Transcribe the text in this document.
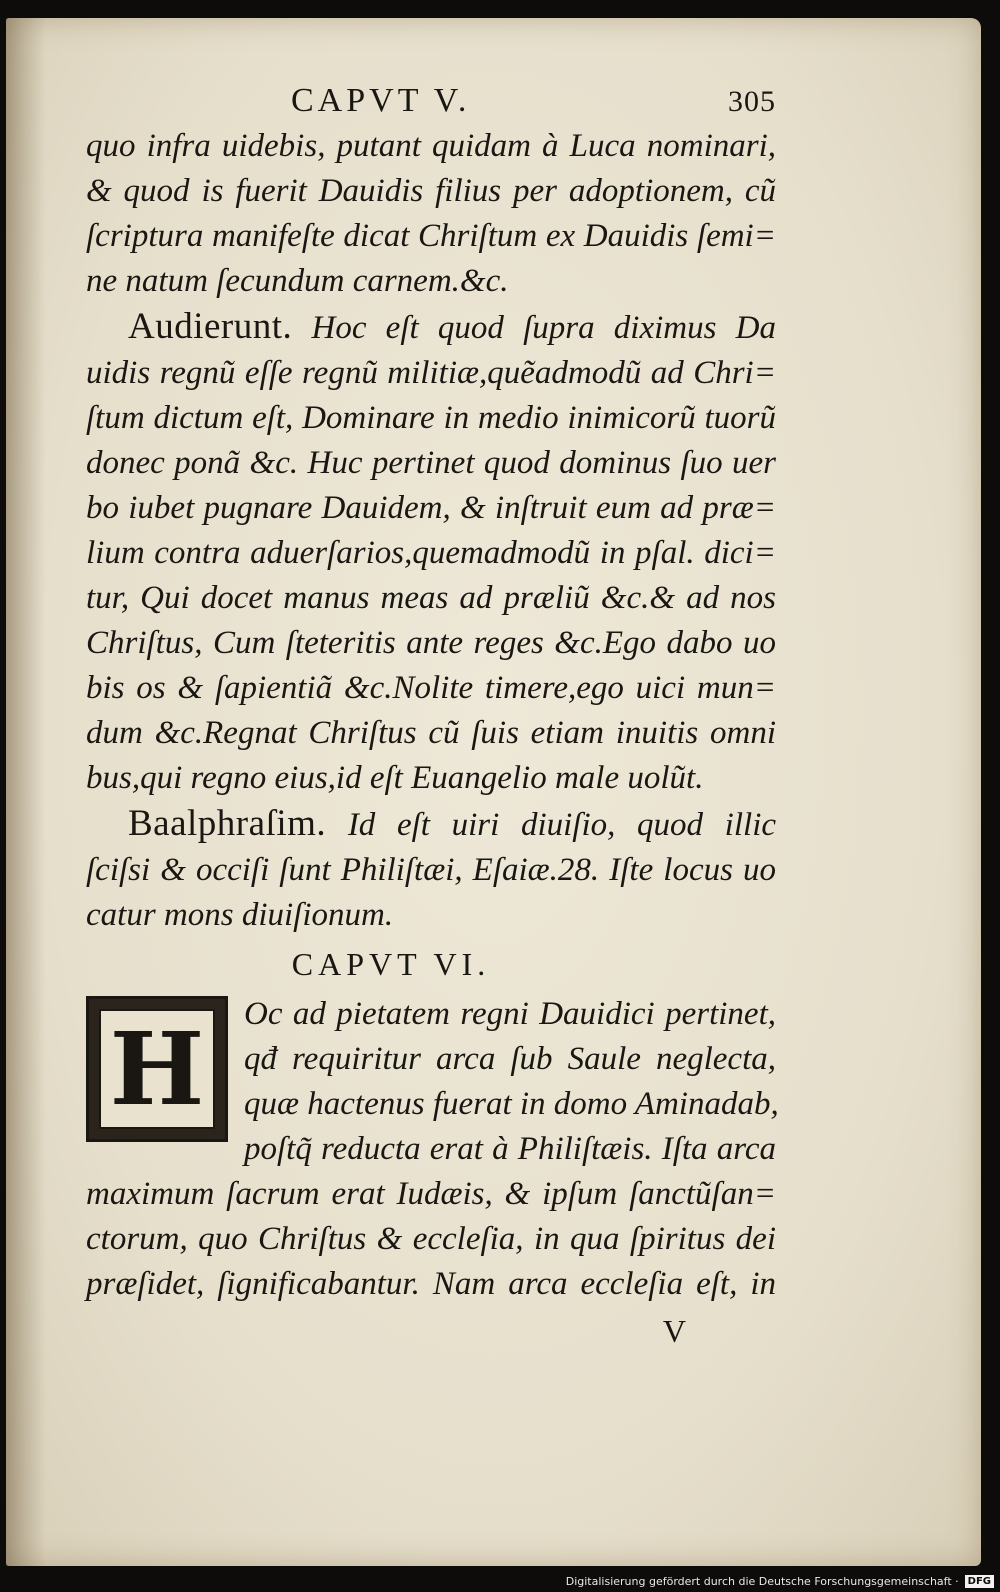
CAPVT V.	305
quo infra uidebis, putant quidam à Luca nominari,
& quod is fuerit Dauidis filius per adoptionem, cũ
ſcriptura manifeſte dicat Chriſtum ex Dauidis ſemi=
ne natum ſecundum carnem.&c.
Audierunt. Hoc eſt quod ſupra diximus Da
uidis regnũ eſſe regnũ militiæ,quẽadmodũ ad Chri=
ſtum dictum eſt, Dominare in medio inimicorũ tuorũ
donec ponã &c. Huc pertinet quod dominus ſuo uer
bo iubet pugnare Dauidem, & inſtruit eum ad præ=
lium contra aduerſarios,quemadmodũ in pſal. dici=
tur, Qui docet manus meas ad præliũ &c.& ad nos
Chriſtus, Cum ſteteritis ante reges &c.Ego dabo uo
bis os & ſapientiã &c.Nolite timere,ego uici mun=
dum &c.Regnat Chriſtus cũ ſuis etiam inuitis omni
bus,qui regno eius,id eſt Euangelio male uolũt.
Baalphraſim. Id eſt uiri diuiſio, quod illic
ſciſsi & occiſi ſunt Philiſtæi, Eſaiæ.28. Iſte locus uo
catur mons diuiſionum.
CAPVT VI.
H	Oc ad pietatem regni Dauidici pertinet,
qđ requiritur arca ſub Saule neglecta,
quæ hactenus fuerat in domo Aminadab,
poſtq̃ reducta erat à Philiſtæis. Iſta arca
maximum ſacrum erat Iudæis, & ipſum ſanctũſan=
ctorum, quo Chriſtus & eccleſia, in qua ſpiritus dei
præſidet, ſignificabantur. Nam arca eccleſia eſt, in
V
Digitalisierung gefördert durch die Deutsche Forschungsgemeinschaft · DFG
